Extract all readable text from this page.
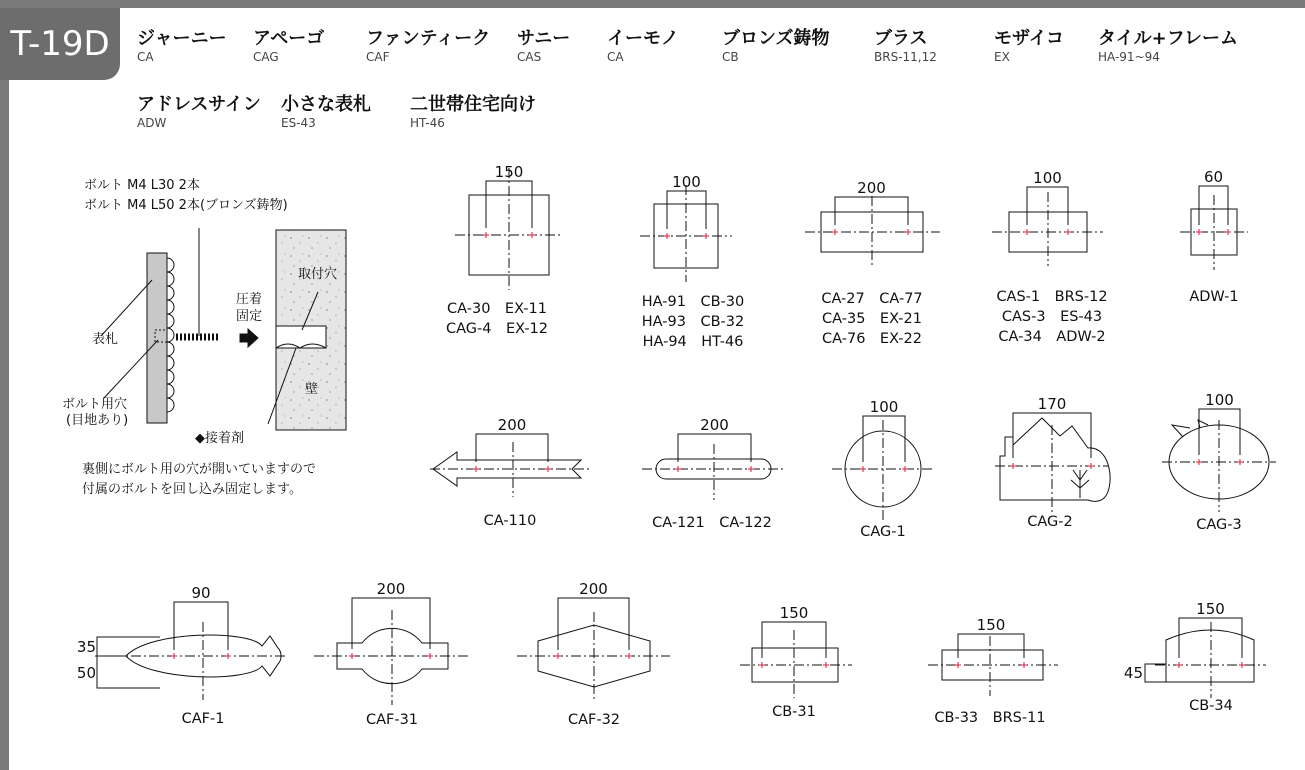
T-19D	ジャーニー
CA
アペーゴ
CAG
ファンティーク
CAF
サニー
CAS
イーモノ
CA
ブロンズ鋳物
CB
ブラス
BRS-11,12
モザイコ
EX
タイル+フレーム
HA-91~94
アドレスサイン
ADW
小さな表札
ES-43
二世帯住宅向け
HT-46
ボルト M4 L30 2本
ボルト M4 L50 2本(ブロンズ鋳物)
裏側にボルト用の穴が開いていますので
付属のボルトを回し込み固定します。
表札
ボルト用穴
(目地あり)
圧着
固定
取付穴
壁
◆接着剤
150
CA-30　EX-11
CAG-4　EX-12
100
HA-91　CB-30
HA-93　CB-32
HA-94　HT-46
200
CA-27　CA-77
CA-35　EX-21
CA-76　EX-22
100
CAS-1　BRS-12
CAS-3　ES-43
CA-34　ADW-2
60
ADW-1
200
CA-110
200
CA-121　CA-122
100
CAG-1
170
CAG-2
100
CAG-3
90
35
50
CAF-1
200
CAF-31
200
CAF-32
150
CB-31
150
CB-33　BRS-11
150
45
CB-34
